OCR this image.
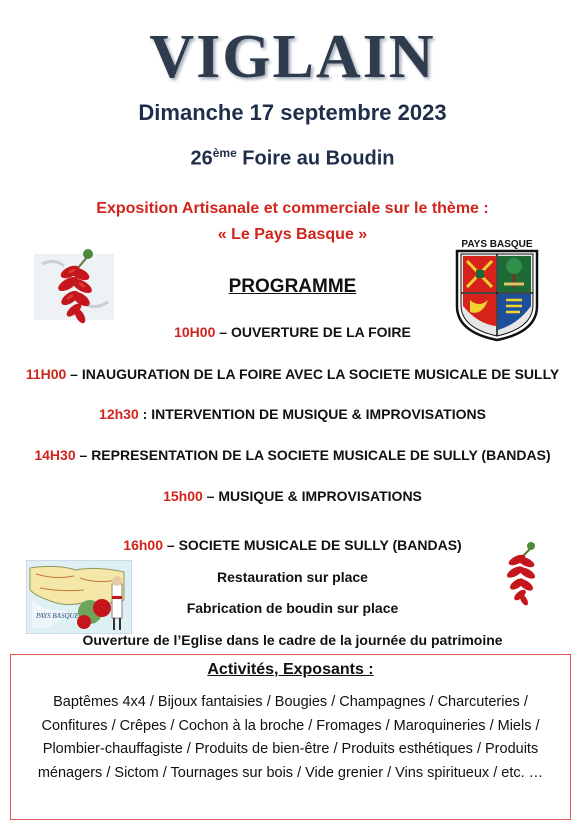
VIGLAIN
Dimanche 17 septembre 2023
26ème Foire au Boudin
Exposition Artisanale et commerciale sur le thème :
« Le Pays Basque »
PAYS BASQUE
PROGRAMME
10H00 – OUVERTURE DE LA FOIRE
11H00 – INAUGURATION DE LA FOIRE AVEC LA SOCIETE MUSICALE DE SULLY
12h30 : INTERVENTION DE MUSIQUE & IMPROVISATIONS
14H30 – REPRESENTATION DE LA SOCIETE MUSICALE DE SULLY (BANDAS)
15h00 – MUSIQUE & IMPROVISATIONS
16h00 – SOCIETE MUSICALE DE SULLY (BANDAS)
PAYS BASQUE
Restauration sur place
Fabrication de boudin sur place
Ouverture de l’Eglise dans le cadre de la journée du patrimoine
Activités, Exposants :
Baptêmes 4x4 / Bijoux fantaisies / Bougies / Champagnes / Charcuteries / Confitures / Crêpes / Cochon à la broche / Fromages / Maroquineries / Miels / Plombier-chauffagiste / Produits de bien-être / Produits esthétiques / Produits ménagers / Sictom / Tournages sur bois / Vide grenier / Vins spiritueux / etc. …
